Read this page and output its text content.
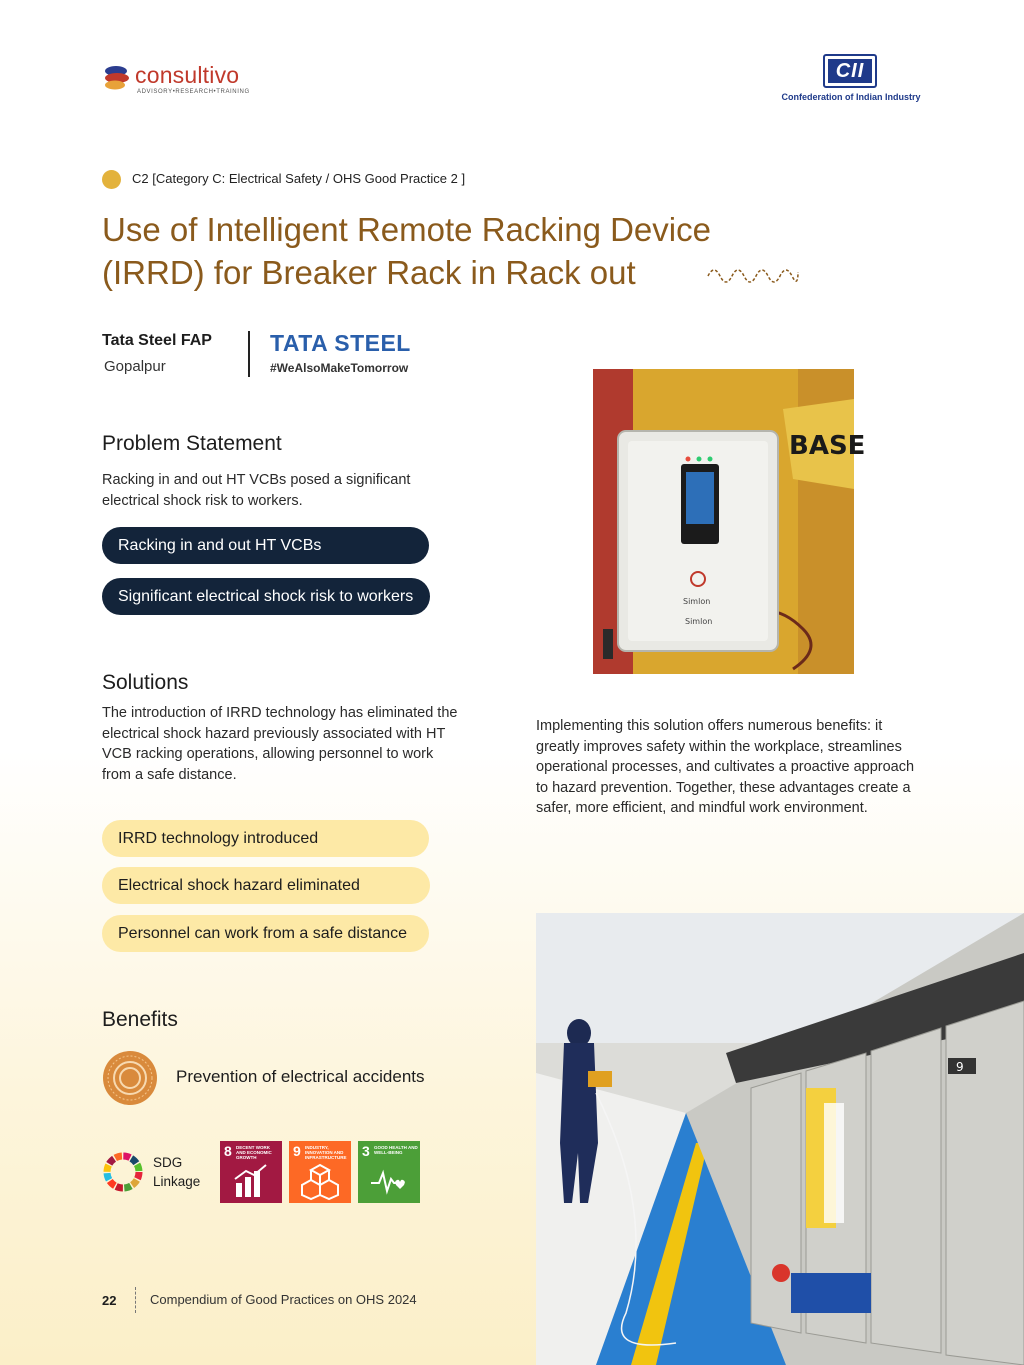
consultivo
ADVISORY•RESEARCH•TRAINING
CII
Confederation of Indian Industry
C2 [Category C: Electrical Safety / OHS Good Practice 2 ]
Use of Intelligent Remote Racking Device
(IRRD) for Breaker Rack in Rack out
Tata Steel FAP
Gopalpur
TATA STEEL
#WeAlsoMakeTomorrow
Problem Statement
Racking in and out HT VCBs posed a significant electrical shock risk to workers.
Racking in and out HT VCBs
Significant electrical shock risk to workers
Solutions
The introduction of IRRD technology has eliminated the electrical shock hazard previously associated with HT VCB racking operations, allowing personnel to work from a safe distance.
IRRD technology introduced
Electrical shock hazard eliminated
Personnel can work from a safe distance
Implementing this solution offers numerous benefits: it greatly improves safety within the workplace, streamlines operational processes, and cultivates a proactive approach to hazard prevention. Together, these advantages create a safer, more efficient, and mindful work environment.
BASE
Simlon
Simlon
9
Benefits
Prevention of electrical accidents
SDG
Linkage
8 DECENT WORK AND ECONOMIC GROWTH	9 INDUSTRY, INNOVATION AND INFRASTRUCTURE 3 GOOD HEALTH AND WELL-BEING
22	Compendium of Good Practices on OHS 2024
